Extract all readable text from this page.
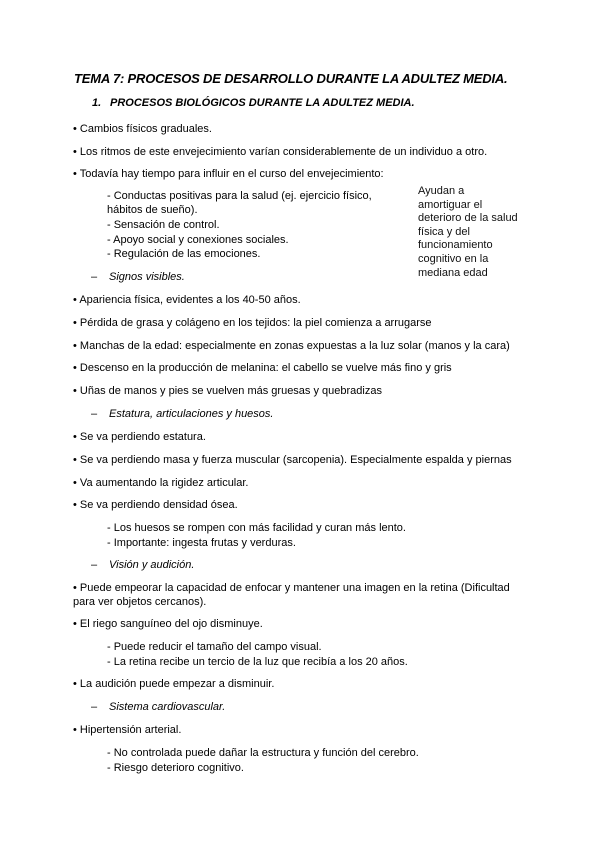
TEMA 7: PROCESOS DE DESARROLLO DURANTE LA ADULTEZ MEDIA.
1. PROCESOS BIOLÓGICOS DURANTE LA ADULTEZ MEDIA.
• Cambios físicos graduales.
• Los ritmos de este envejecimiento varían considerablemente de un individuo a otro.
• Todavía hay tiempo para influir en el curso del envejecimiento:
- Conductas positivas para la salud (ej. ejercicio físico,
hábitos de sueño).
- Sensación de control.
- Apoyo social y conexiones sociales.
- Regulación de las emociones.
Ayudan a
amortiguar el
deterioro de la salud
física y del
funcionamiento
cognitivo en la
mediana edad
– Signos visibles.
• Apariencia física, evidentes a los 40-50 años.
• Pérdida de grasa y colágeno en los tejidos: la piel comienza a arrugarse
• Manchas de la edad: especialmente en zonas expuestas a la luz solar (manos y la cara)
• Descenso en la producción de melanina: el cabello se vuelve más fino y gris
• Uñas de manos y pies se vuelven más gruesas y quebradizas
– Estatura, articulaciones y huesos.
• Se va perdiendo estatura.
• Se va perdiendo masa y fuerza muscular (sarcopenia). Especialmente espalda y piernas
• Va aumentando la rigidez articular.
• Se va perdiendo densidad ósea.
- Los huesos se rompen con más facilidad y curan más lento.
- Importante: ingesta frutas y verduras.
– Visión y audición.
• Puede empeorar la capacidad de enfocar y mantener una imagen en la retina (Dificultad
para ver objetos cercanos).
• El riego sanguíneo del ojo disminuye.
- Puede reducir el tamaño del campo visual.
- La retina recibe un tercio de la luz que recibía a los 20 años.
• La audición puede empezar a disminuir.
– Sistema cardiovascular.
• Hipertensión arterial.
- No controlada puede dañar la estructura y función del cerebro.
- Riesgo deterioro cognitivo.
